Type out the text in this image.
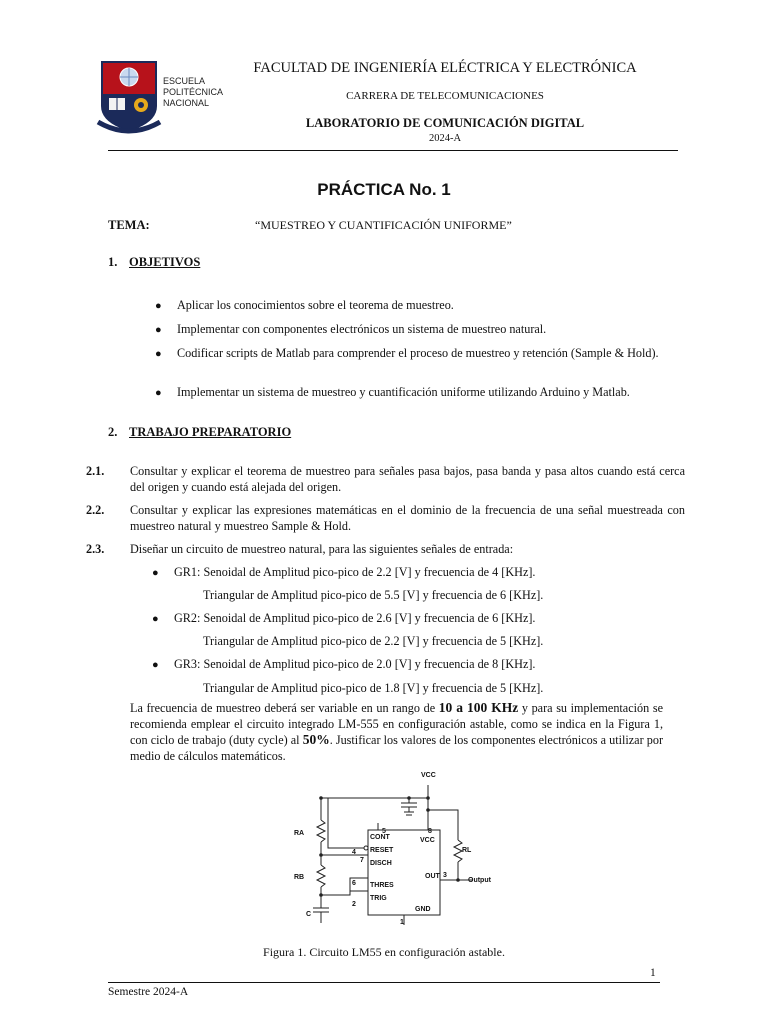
ESCUELA POLITÉCNICA NACIONAL
FACULTAD DE INGENIERÍA ELÉCTRICA Y ELECTRÓNICA
CARRERA DE TELECOMUNICACIONES
LABORATORIO DE COMUNICACIÓN DIGITAL
2024-A
PRÁCTICA No. 1
TEMA:	“MUESTREO Y CUANTIFICACIÓN UNIFORME”
1. OBJETIVOS
● Aplicar los conocimientos sobre el teorema de muestreo.
● Implementar con componentes electrónicos un sistema de muestreo natural.
● Codificar scripts de Matlab para comprender el proceso de muestreo y retención (Sample & Hold).
● Implementar un sistema de muestreo y cuantificación uniforme utilizando Arduino y Matlab.
2. TRABAJO PREPARATORIO
2.1. Consultar y explicar el teorema de muestreo para señales pasa bajos, pasa banda y pasa altos cuando está cerca del origen y cuando está alejada del origen.
2.2. Consultar y explicar las expresiones matemáticas en el dominio de la frecuencia de una señal muestreada con muestreo natural y muestreo Sample & Hold.
2.3. Diseñar un circuito de muestreo natural, para las siguientes señales de entrada:
● GR1: Senoidal de Amplitud pico-pico de 2.2 [V] y frecuencia de 4 [KHz].
Triangular de Amplitud pico-pico de 5.5 [V] y frecuencia de 6 [KHz].
● GR2: Senoidal de Amplitud pico-pico de 2.6 [V] y frecuencia de 6 [KHz].
Triangular de Amplitud pico-pico de 2.2 [V] y frecuencia de 5 [KHz].
● GR3: Senoidal de Amplitud pico-pico de 2.0 [V] y frecuencia de 8 [KHz].
Triangular de Amplitud pico-pico de 1.8 [V] y frecuencia de 5 [KHz].
La frecuencia de muestreo deberá ser variable en un rango de 10 a 100 KHz y para su implementación se recomienda emplear el circuito integrado LM-555 en configuración astable, como se indica en la Figura 1, con ciclo de trabajo (duty cycle) al 50%. Justificar los valores de los componentes electrónicos a utilizar por medio de cálculos matemáticos.
VCC
RA
RB
RL
C
CONT	VCC
RESET
DISCH
OUT
THRES
TRIG
GND
Output
5	8
4
7
3
6
2
1
Figura 1. Circuito LM55 en configuración astable.
1
Semestre 2024-A
